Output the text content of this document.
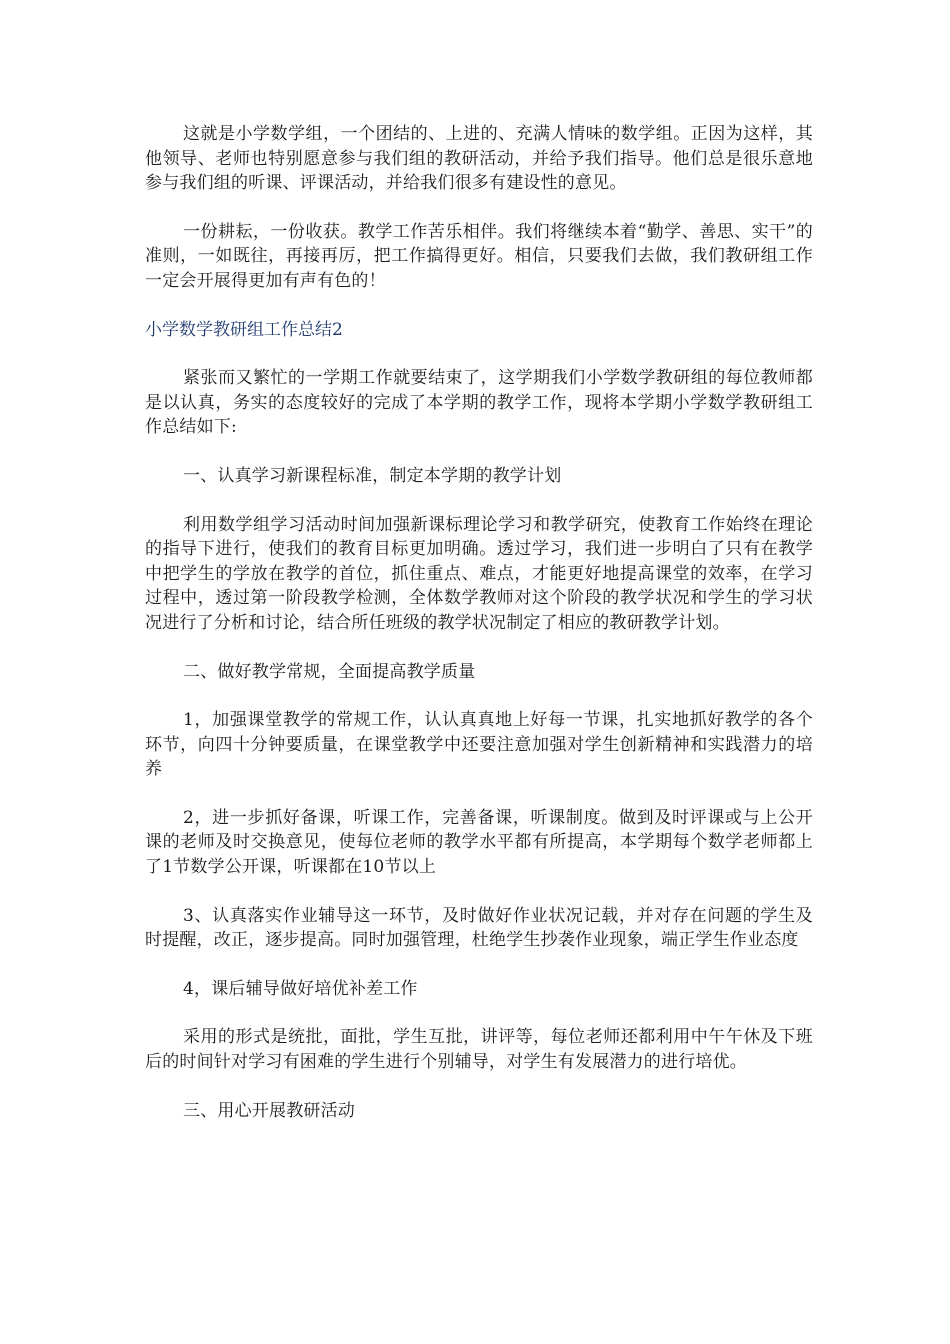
这就是小学数学组，一个团结的、上进的、充满人情味的数学组。正因为这样，其他领导、老师也特别愿意参与我们组的教研活动，并给予我们指导。他们总是很乐意地参与我们组的听课、评课活动，并给我们很多有建设性的意见。

一份耕耘，一份收获。教学工作苦乐相伴。我们将继续本着“勤学、善思、实干”的准则，一如既往，再接再厉，把工作搞得更好。相信，只要我们去做，我们教研组工作一定会开展得更加有声有色的！

小学数学教研组工作总结2

紧张而又繁忙的一学期工作就要结束了，这学期我们小学数学教研组的每位教师都是以认真，务实的态度较好的完成了本学期的教学工作，现将本学期小学数学教研组工作总结如下:

一、认真学习新课程标准，制定本学期的教学计划

利用数学组学习活动时间加强新课标理论学习和教学研究，使教育工作始终在理论的指导下进行，使我们的教育目标更加明确。透过学习，我们进一步明白了只有在教学中把学生的学放在教学的首位，抓住重点、难点，才能更好地提高课堂的效率，在学习过程中，透过第一阶段教学检测，全体数学教师对这个阶段的教学状况和学生的学习状况进行了分析和讨论，结合所任班级的教学状况制定了相应的教研教学计划。

二、做好教学常规，全面提高教学质量

1，加强课堂教学的常规工作，认认真真地上好每一节课，扎实地抓好教学的各个环节，向四十分钟要质量，在课堂教学中还要注意加强对学生创新精神和实践潜力的培养

2，进一步抓好备课，听课工作，完善备课，听课制度。做到及时评课或与上公开课的老师及时交换意见，使每位老师的教学水平都有所提高，本学期每个数学老师都上了1节数学公开课，听课都在10节以上

3、认真落实作业辅导这一环节，及时做好作业状况记载，并对存在问题的学生及时提醒，改正，逐步提高。同时加强管理，杜绝学生抄袭作业现象，端正学生作业态度

4，课后辅导做好培优补差工作

采用的形式是统批，面批，学生互批，讲评等，每位老师还都利用中午午休及下班后的时间针对学习有困难的学生进行个别辅导，对学生有发展潜力的进行培优。

三、用心开展教研活动
